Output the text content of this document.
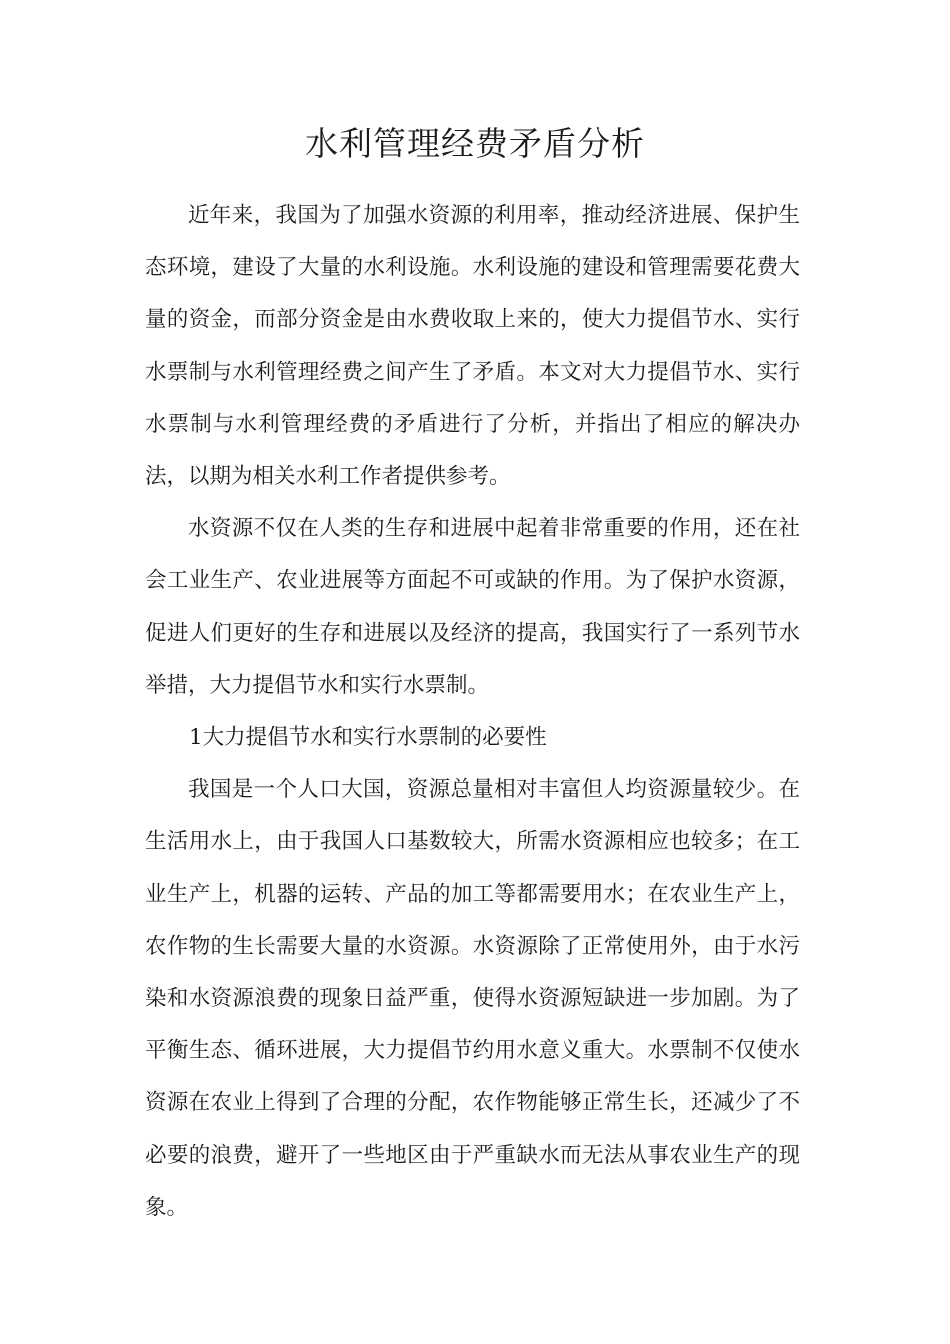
水利管理经费矛盾分析

近年来，我国为了加强水资源的利用率，推动经济进展、保护生态环境，建设了大量的水利设施。水利设施的建设和管理需要花费大量的资金，而部分资金是由水费收取上来的，使大力提倡节水、实行水票制与水利管理经费之间产生了矛盾。本文对大力提倡节水、实行水票制与水利管理经费的矛盾进行了分析，并指出了相应的解决办法，以期为相关水利工作者提供参考。

水资源不仅在人类的生存和进展中起着非常重要的作用，还在社会工业生产、农业进展等方面起不可或缺的作用。为了保护水资源，促进人们更好的生存和进展以及经济的提高，我国实行了一系列节水举措，大力提倡节水和实行水票制。

1大力提倡节水和实行水票制的必要性

我国是一个人口大国，资源总量相对丰富但人均资源量较少。在生活用水上，由于我国人口基数较大，所需水资源相应也较多；在工业生产上，机器的运转、产品的加工等都需要用水；在农业生产上，农作物的生长需要大量的水资源。水资源除了正常使用外，由于水污染和水资源浪费的现象日益严重，使得水资源短缺进一步加剧。为了平衡生态、循环进展，大力提倡节约用水意义重大。水票制不仅使水资源在农业上得到了合理的分配，农作物能够正常生长，还减少了不必要的浪费，避开了一些地区由于严重缺水而无法从事农业生产的现象。
